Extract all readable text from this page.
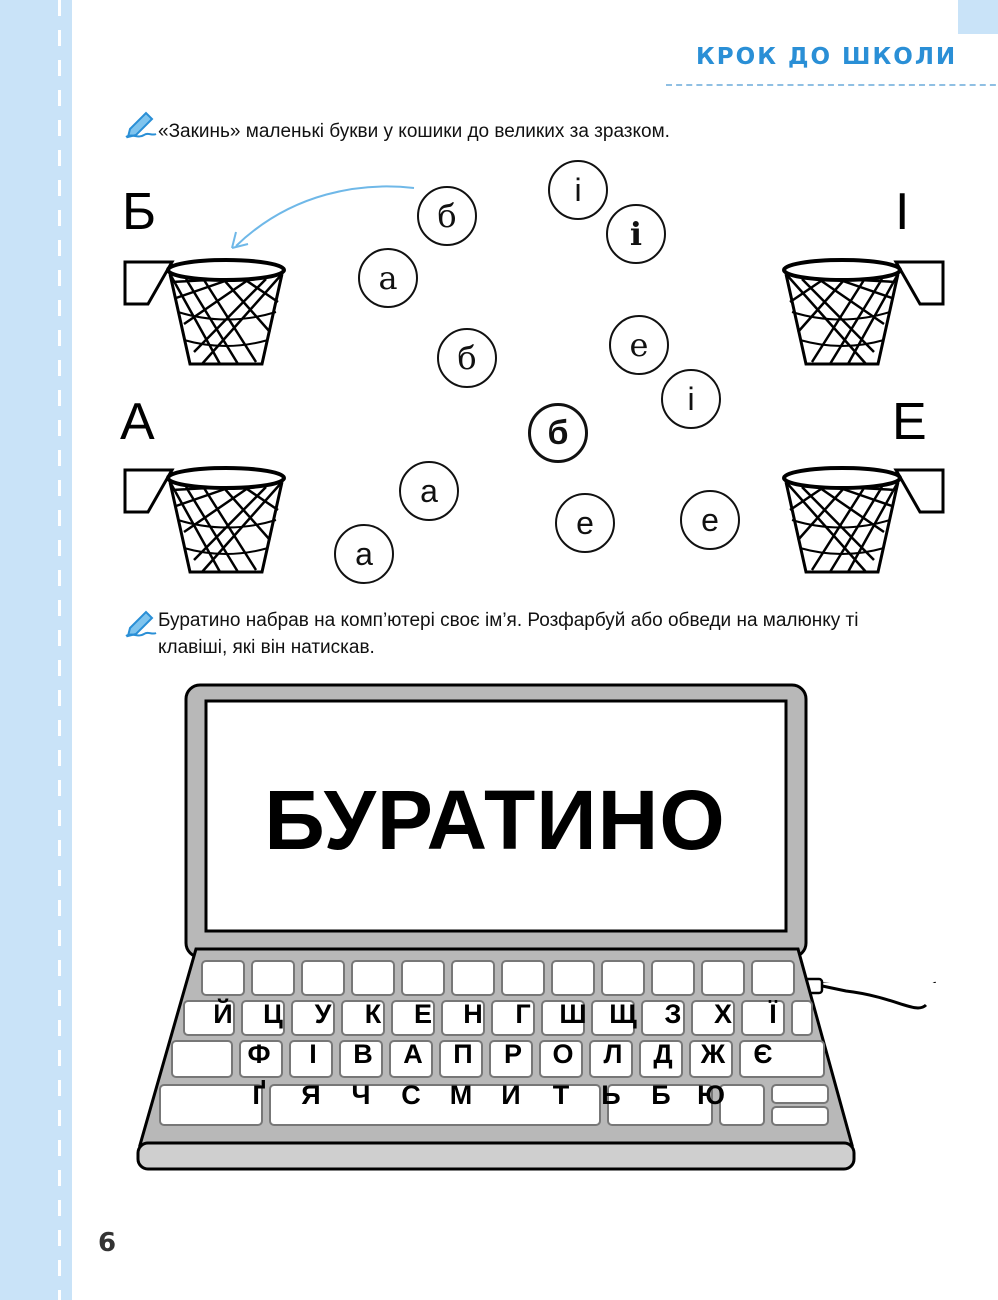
КРОК ДО ШКОЛИ
«Закинь» маленькі букви у кошики до великих за зразком.
Б	І
А	Е
б
і
і
а
б	е
і
б
а
е	е
а
Буратино набрав на комп’ютері своє ім’я. Розфарбуй або обведи на малюнку ті
клавіші, які він натискав.
БУРАТИНО
Й	Ц	У	К	Е	Н	Г	Ш Щ	З	Х	Ї
Ф	І	В	А	П	Р	О	Л	Д	Ж	Є
Ґ	Я	Ч	С	М	И	Т	Ь	Б Ю
6
